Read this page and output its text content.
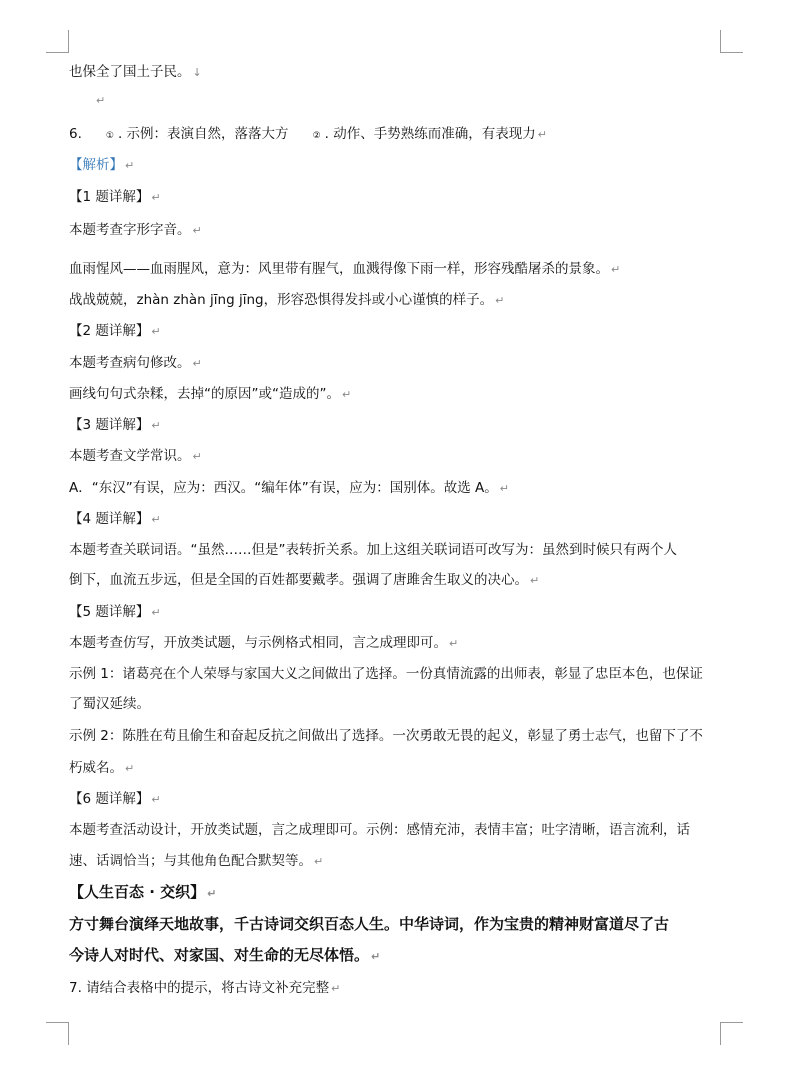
也保全了国土子民。 ↓
↵
6.	① . 示例：表演自然，落落大方	② . 动作、手势熟练而准确，有表现力 ↵
【解析】 ↵
【1 题详解】 ↵
本题考查字形字音。 ↵
血雨惺风——血雨腥风，意为：风里带有腥气，血溅得像下雨一样，形容残酷屠杀的景象。 ↵
战战兢兢，zhàn zhàn jīng jīng，形容恐惧得发抖或小心谨慎的样子。 ↵
【2 题详解】 ↵
本题考查病句修改。 ↵
画线句句式杂糅，去掉“的原因”或“造成的”。 ↵
【3 题详解】 ↵
本题考查文学常识。 ↵
A．“东汉”有误，应为：西汉。“编年体”有误，应为：国别体。故选 A。 ↵
【4 题详解】 ↵
本题考查关联词语。“虽然……但是”表转折关系。加上这组关联词语可改写为：虽然到时候只有两个人
倒下，血流五步远，但是全国的百姓都要戴孝。强调了唐雎舍生取义的决心。 ↵
【5 题详解】 ↵
本题考查仿写，开放类试题，与示例格式相同，言之成理即可。 ↵
示例 1：诸葛亮在个人荣辱与家国大义之间做出了选择。一份真情流露的出师表，彰显了忠臣本色，也保证
了蜀汉延续。
示例 2：陈胜在苟且偷生和奋起反抗之间做出了选择。一次勇敢无畏的起义，彰显了勇士志气，也留下了不
朽威名。 ↵
【6 题详解】 ↵
本题考查活动设计，开放类试题，言之成理即可。示例：感情充沛，表情丰富；吐字清晰，语言流利，话
速、话调恰当；与其他角色配合默契等。 ↵
【人生百态 · 交织】 ↵
方寸舞台演绎天地故事，千古诗词交织百态人生。中华诗词，作为宝贵的精神财富道尽了古
今诗人对时代、对家国、对生命的无尽体悟。 ↵
7. 请结合表格中的提示，将古诗文补充完整 ↵
